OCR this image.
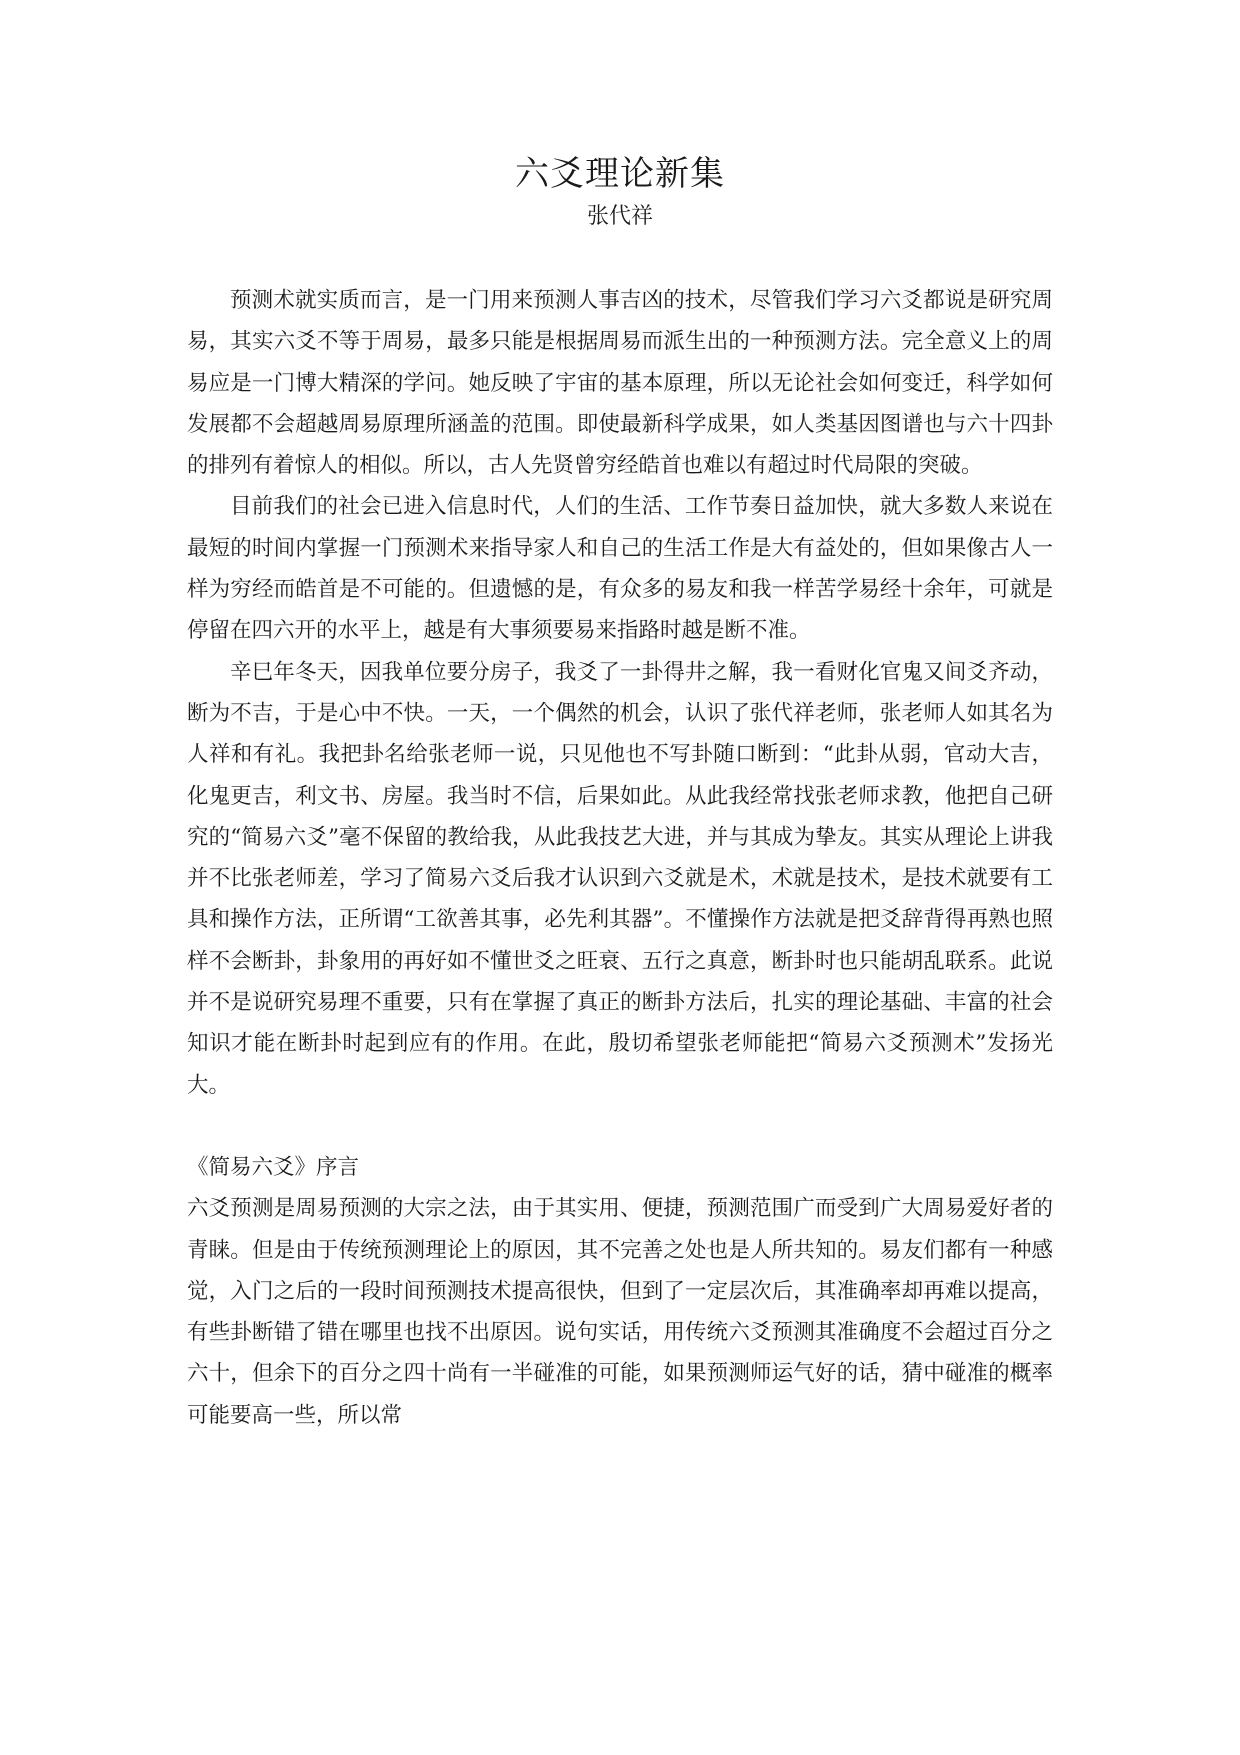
六爻理论新集
张代祥

预测术就实质而言，是一门用来预测人事吉凶的技术，尽管我们学习六爻都说是研究周易，其实六爻不等于周易，最多只能是根据周易而派生出的一种预测方法。完全意义上的周易应是一门博大精深的学问。她反映了宇宙的基本原理，所以无论社会如何变迁，科学如何发展都不会超越周易原理所涵盖的范围。即使最新科学成果，如人类基因图谱也与六十四卦的排列有着惊人的相似。所以，古人先贤曾穷经皓首也难以有超过时代局限的突破。

目前我们的社会已进入信息时代，人们的生活、工作节奏日益加快，就大多数人来说在最短的时间内掌握一门预测术来指导家人和自己的生活工作是大有益处的，但如果像古人一样为穷经而皓首是不可能的。但遗憾的是，有众多的易友和我一样苦学易经十余年，可就是停留在四六开的水平上，越是有大事须要易来指路时越是断不准。

辛巳年冬天，因我单位要分房子，我爻了一卦得井之解，我一看财化官鬼又间爻齐动，断为不吉，于是心中不快。一天，一个偶然的机会，认识了张代祥老师，张老师人如其名为人祥和有礼。我把卦名给张老师一说，只见他也不写卦随口断到：“此卦从弱，官动大吉，化鬼更吉，利文书、房屋。我当时不信，后果如此。从此我经常找张老师求教，他把自己研究的“简易六爻”毫不保留的教给我，从此我技艺大进，并与其成为挚友。其实从理论上讲我并不比张老师差，学习了简易六爻后我才认识到六爻就是术，术就是技术，是技术就要有工具和操作方法，正所谓“工欲善其事，必先利其器”。不懂操作方法就是把爻辞背得再熟也照样不会断卦，卦象用的再好如不懂世爻之旺衰、五行之真意，断卦时也只能胡乱联系。此说并不是说研究易理不重要，只有在掌握了真正的断卦方法后，扎实的理论基础、丰富的社会知识才能在断卦时起到应有的作用。在此，殷切希望张老师能把“简易六爻预测术”发扬光大。

《简易六爻》序言

六爻预测是周易预测的大宗之法，由于其实用、便捷，预测范围广而受到广大周易爱好者的青睐。但是由于传统预测理论上的原因，其不完善之处也是人所共知的。易友们都有一种感觉，入门之后的一段时间预测技术提高很快，但到了一定层次后，其准确率却再难以提高，有些卦断错了错在哪里也找不出原因。说句实话，用传统六爻预测其准确度不会超过百分之六十，但余下的百分之四十尚有一半碰准的可能，如果预测师运气好的话，猜中碰准的概率可能要高一些，所以常
